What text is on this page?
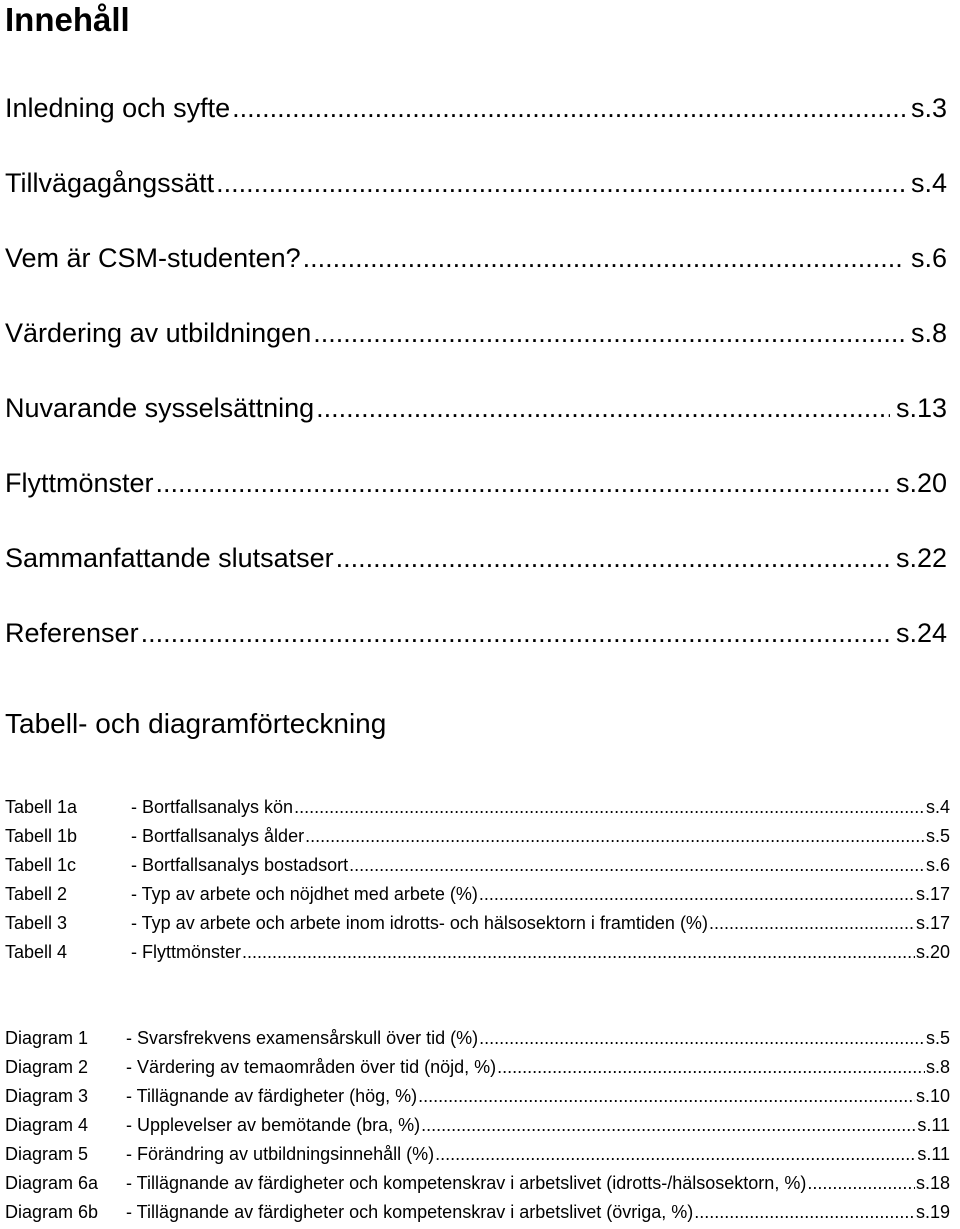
Innehåll
Inledning och syfte .....	s.3
Tillvägagångssätt .....	s.4
Vem är CSM-studenten? .....	s.6
Värdering av utbildningen .....	s.8
Nuvarande sysselsättning .....	s.13
Flyttmönster .....	s.20
Sammanfattande slutsatser .....	s.22
Referenser .....	s.24
Tabell- och diagramförteckning
Tabell 1a	- Bortfallsanalys kön .....	s.4
Tabell 1b	- Bortfallsanalys ålder .....	s.5
Tabell 1c	- Bortfallsanalys bostadsort .....	s.6
Tabell 2	- Typ av arbete och nöjdhet med arbete (%) .....	s.17
Tabell 3	- Typ av arbete och arbete inom idrotts- och hälsosektorn i framtiden (%) .....	s.17
Tabell 4	- Flyttmönster .....	s.20
Diagram 1	- Svarsfrekvens examensårskull över tid (%) .....	s.5
Diagram 2	- Värdering av temaområden över tid (nöjd, %) .....	s.8
Diagram 3	- Tillägnande av färdigheter (hög, %) .....	s.10
Diagram 4	- Upplevelser av bemötande (bra, %) .....	s.11
Diagram 5	- Förändring av utbildningsinnehåll (%) .....	s.11
Diagram 6a	- Tillägnande av färdigheter och kompetenskrav i arbetslivet (idrotts-/hälsosektorn, %) .....	s.18
Diagram 6b	- Tillägnande av färdigheter och kompetenskrav i arbetslivet (övriga, %) .....	s.19
